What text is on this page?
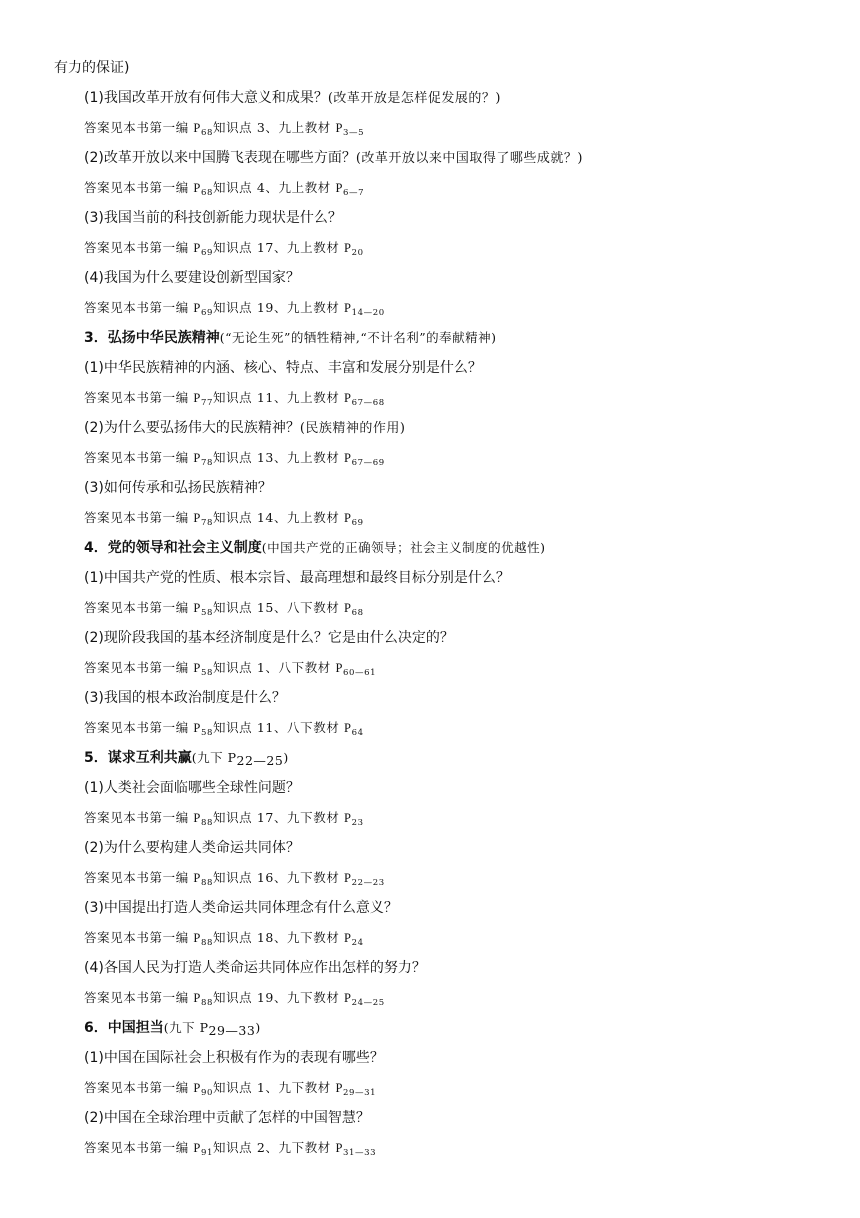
有力的保证)
(1)我国改革开放有何伟大意义和成果？(改革开放是怎样促发展的？)
答案见本书第一编 $P_{68}$知识点 3、九上教材 $P_{3—5}$
(2)改革开放以来中国腾飞表现在哪些方面？(改革开放以来中国取得了哪些成就？)
答案见本书第一编 $P_{68}$知识点 4、九上教材 $P_{6—7}$
(3)我国当前的科技创新能力现状是什么？
答案见本书第一编 $P_{69}$知识点 17、九上教材 $P_{20}$
(4)我国为什么要建设创新型国家？
答案见本书第一编 $P_{69}$知识点 19、九上教材 $P_{14—20}$
3．弘扬中华民族精神(“无论生死”的牺牲精神,“不计名利”的奉献精神)
(1)中华民族精神的内涵、核心、特点、丰富和发展分别是什么？
答案见本书第一编 $P_{77}$知识点 11、九上教材 $P_{67—68}$
(2)为什么要弘扬伟大的民族精神？(民族精神的作用)
答案见本书第一编 $P_{78}$知识点 13、九上教材 $P_{67—69}$
(3)如何传承和弘扬民族精神？
答案见本书第一编 $P_{78}$知识点 14、九上教材 $P_{69}$
4．党的领导和社会主义制度(中国共产党的正确领导；社会主义制度的优越性)
(1)中国共产党的性质、根本宗旨、最高理想和最终目标分别是什么？
答案见本书第一编 $P_{58}$知识点 15、八下教材 $P_{68}$
(2)现阶段我国的基本经济制度是什么？它是由什么决定的？
答案见本书第一编 $P_{58}$知识点 1、八下教材 $P_{60—61}$
(3)我国的根本政治制度是什么？
答案见本书第一编 $P_{58}$知识点 11、八下教材 $P_{64}$
5．谋求互利共赢(九下 $P_{22—25}$)
(1)人类社会面临哪些全球性问题？
答案见本书第一编 $P_{88}$知识点 17、九下教材 $P_{23}$
(2)为什么要构建人类命运共同体？
答案见本书第一编 $P_{88}$知识点 16、九下教材 $P_{22—23}$
(3)中国提出打造人类命运共同体理念有什么意义？
答案见本书第一编 $P_{88}$知识点 18、九下教材 $P_{24}$
(4)各国人民为打造人类命运共同体应作出怎样的努力？
答案见本书第一编 $P_{88}$知识点 19、九下教材 $P_{24—25}$
6．中国担当(九下 $P_{29—33}$)
(1)中国在国际社会上积极有作为的表现有哪些？
答案见本书第一编 $P_{90}$知识点 1、九下教材 $P_{29—31}$
(2)中国在全球治理中贡献了怎样的中国智慧？
答案见本书第一编 $P_{91}$知识点 2、九下教材 $P_{31—33}$
